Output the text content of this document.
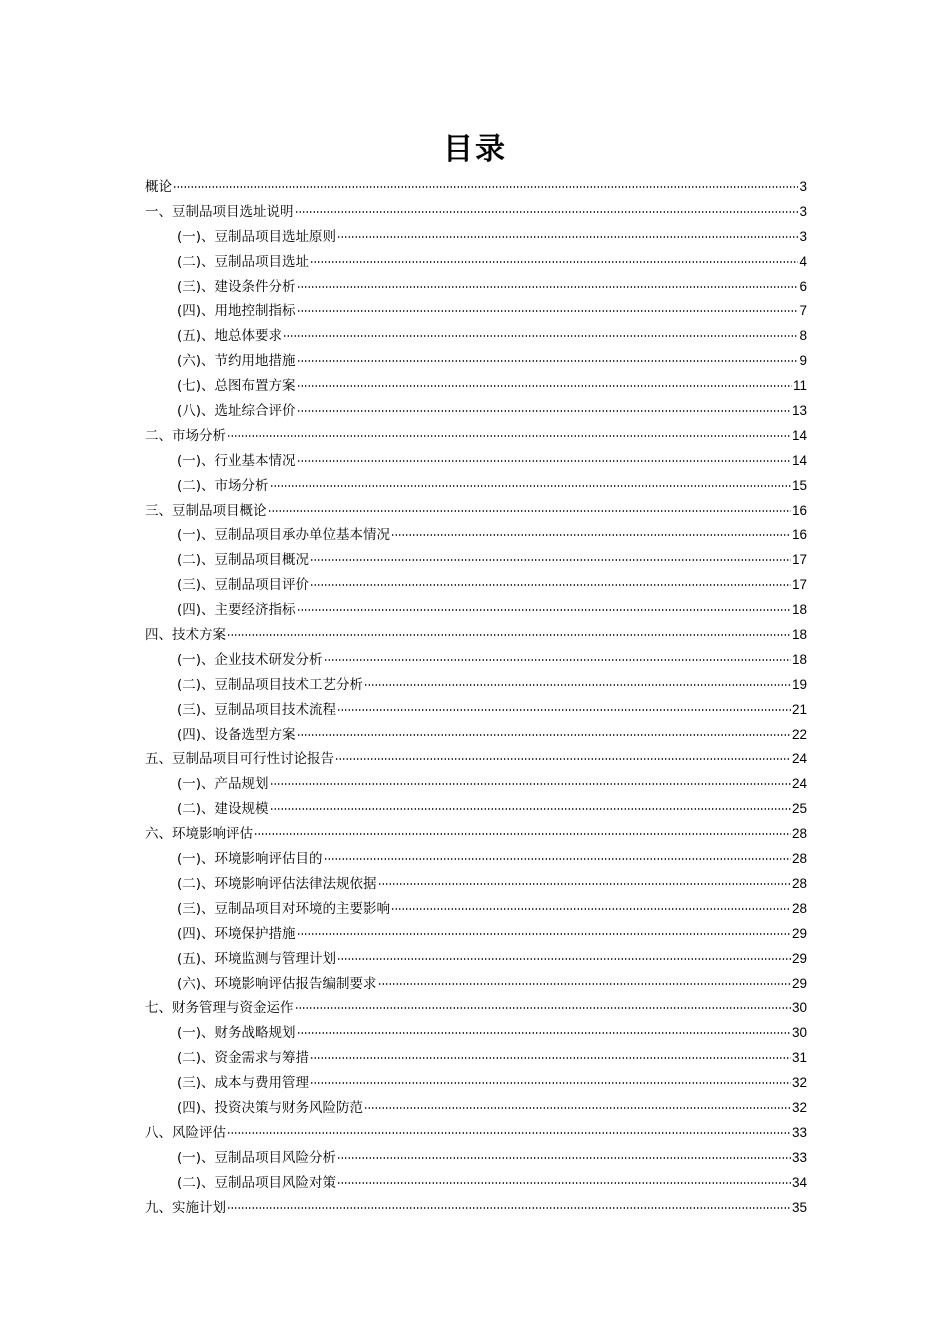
目录
概论	3
一、豆制品项目选址说明	3
(一)、豆制品项目选址原则	3
(二)、豆制品项目选址	4
(三)、建设条件分析	6
(四)、用地控制指标	7
(五)、地总体要求	8
(六)、节约用地措施	9
(七)、总图布置方案	11
(八)、选址综合评价	13
二、市场分析	14
(一)、行业基本情况	14
(二)、市场分析	15
三、豆制品项目概论	16
(一)、豆制品项目承办单位基本情况	16
(二)、豆制品项目概况	17
(三)、豆制品项目评价	17
(四)、主要经济指标	18
四、技术方案	18
(一)、企业技术研发分析	18
(二)、豆制品项目技术工艺分析	19
(三)、豆制品项目技术流程	21
(四)、设备选型方案	22
五、豆制品项目可行性讨论报告	24
(一)、产品规划	24
(二)、建设规模	25
六、环境影响评估	28
(一)、环境影响评估目的	28
(二)、环境影响评估法律法规依据	28
(三)、豆制品项目对环境的主要影响	28
(四)、环境保护措施	29
(五)、环境监测与管理计划	29
(六)、环境影响评估报告编制要求	29
七、财务管理与资金运作	30
(一)、财务战略规划	30
(二)、资金需求与筹措	31
(三)、成本与费用管理	32
(四)、投资决策与财务风险防范	32
八、风险评估	33
(一)、豆制品项目风险分析	33
(二)、豆制品项目风险对策	34
九、实施计划	35
